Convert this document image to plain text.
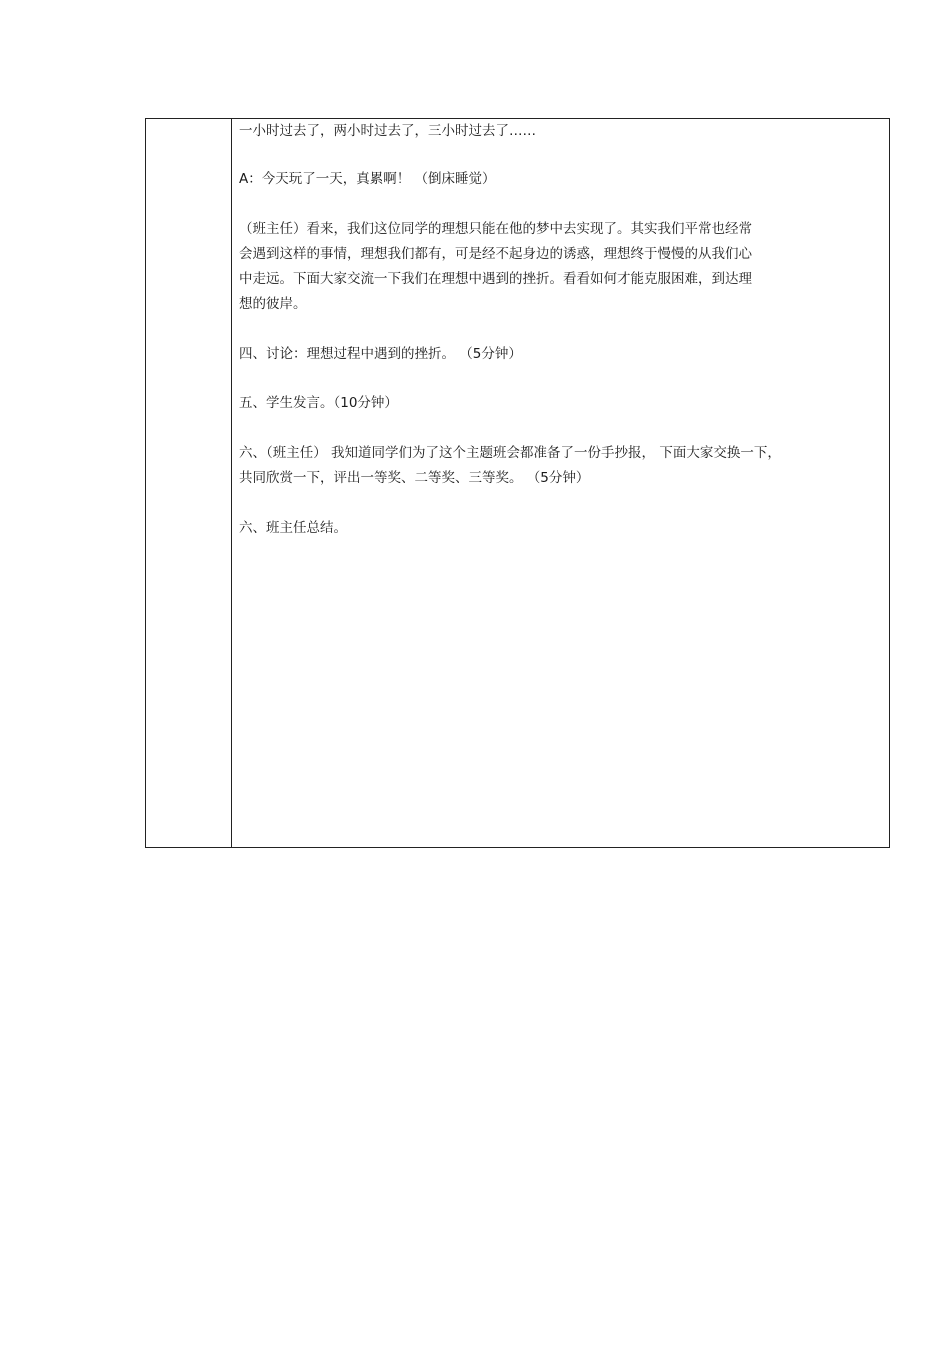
一小时过去了，两小时过去了，三小时过去了……
A：今天玩了一天，真累啊！ （倒床睡觉）
（班主任）看来，我们这位同学的理想只能在他的梦中去实现了。其实我们平常也经常
会遇到这样的事情，理想我们都有，可是经不起身边的诱惑，理想终于慢慢的从我们心
中走远。下面大家交流一下我们在理想中遇到的挫折。看看如何才能克服困难，到达理
想的彼岸。
四、讨论：理想过程中遇到的挫折。 （5分钟）
五、学生发言。（10分钟）
六、（班主任） 我知道同学们为了这个主题班会都准备了一份手抄报， 下面大家交换一下，
共同欣赏一下，评出一等奖、二等奖、三等奖。 （5分钟）
六、班主任总结。
